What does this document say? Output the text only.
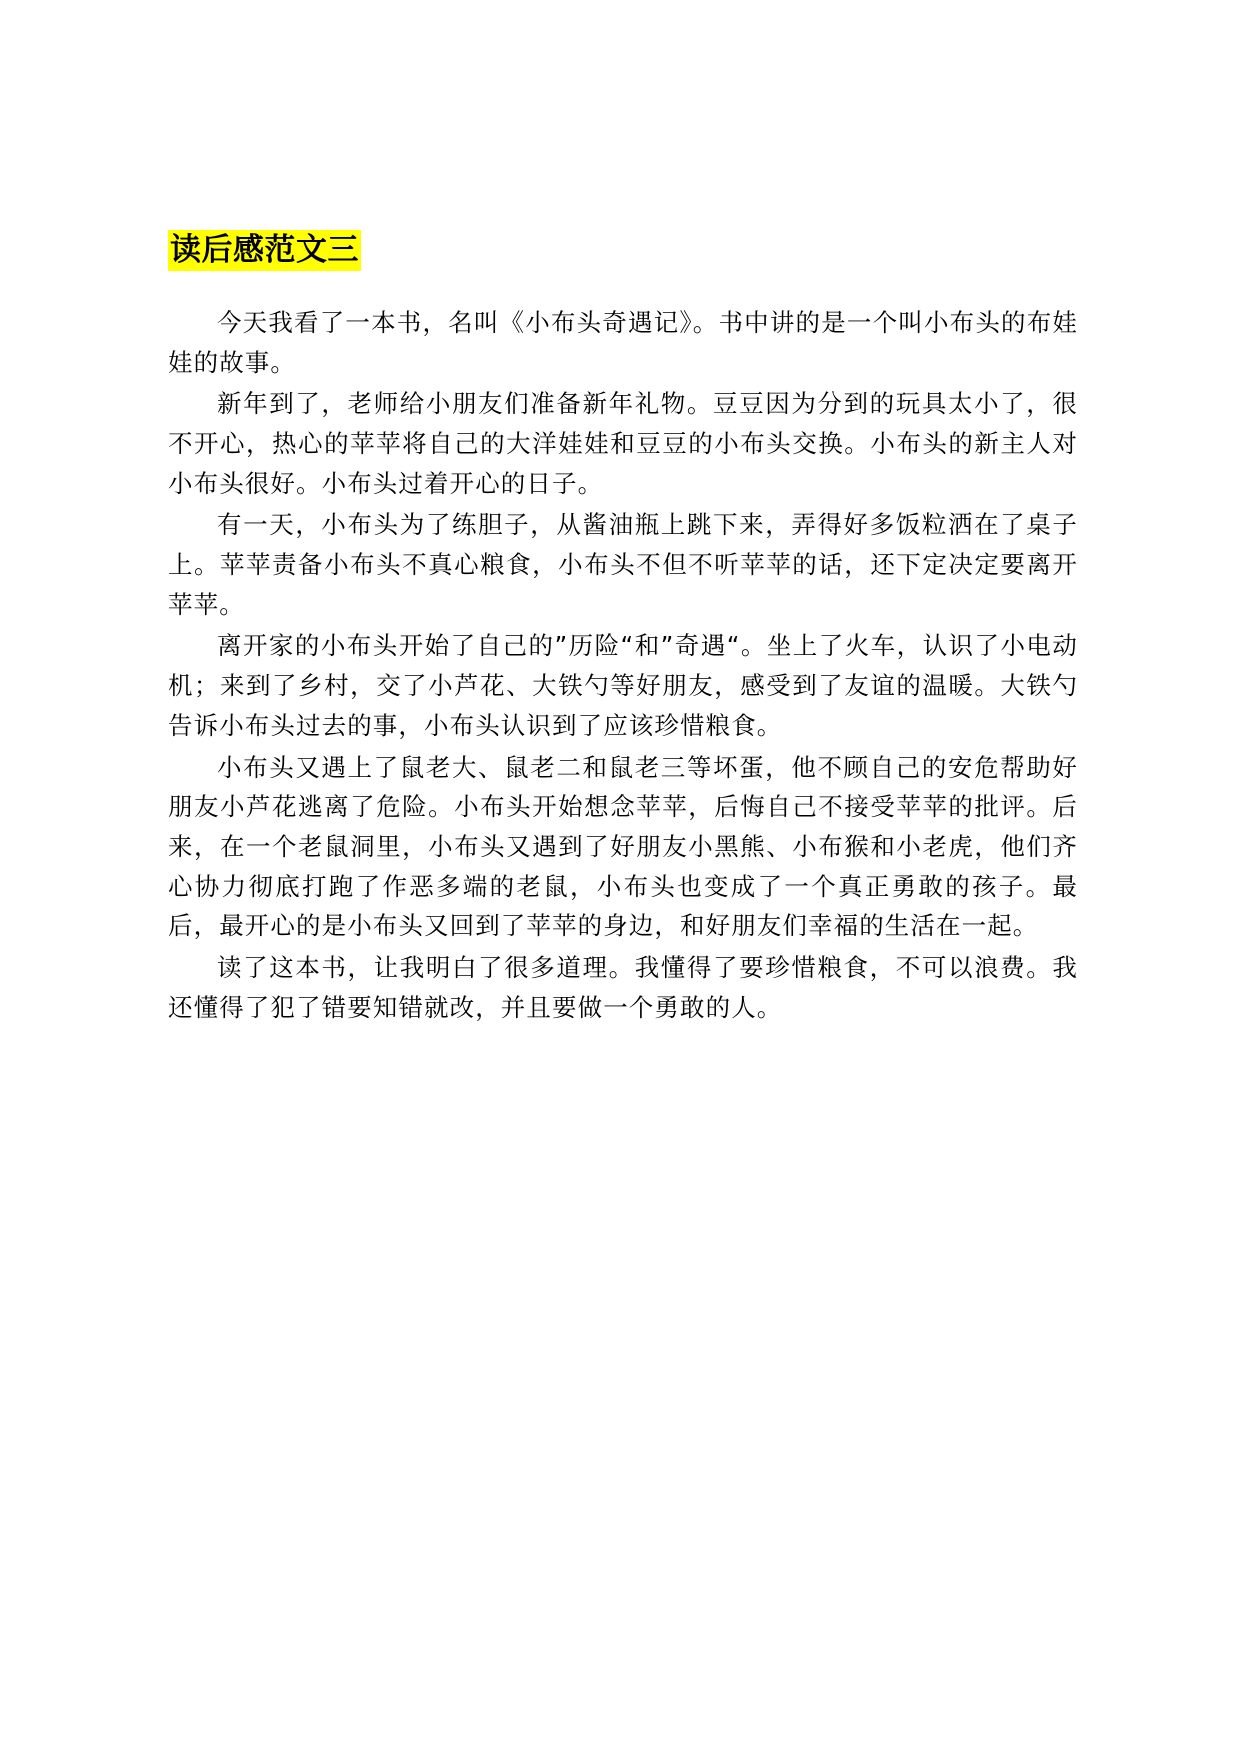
读后感范文三

今天我看了一本书，名叫《小布头奇遇记》。书中讲的是一个叫小布头的布娃娃的故事。

新年到了，老师给小朋友们准备新年礼物。豆豆因为分到的玩具太小了，很不开心，热心的苹苹将自己的大洋娃娃和豆豆的小布头交换。小布头的新主人对小布头很好。小布头过着开心的日子。

有一天，小布头为了练胆子，从酱油瓶上跳下来，弄得好多饭粒洒在了桌子上。苹苹责备小布头不真心粮食，小布头不但不听苹苹的话，还下定决定要离开苹苹。

离开家的小布头开始了自己的”历险“和”奇遇“。坐上了火车，认识了小电动机；来到了乡村，交了小芦花、大铁勺等好朋友，感受到了友谊的温暖。大铁勺告诉小布头过去的事，小布头认识到了应该珍惜粮食。

小布头又遇上了鼠老大、鼠老二和鼠老三等坏蛋，他不顾自己的安危帮助好朋友小芦花逃离了危险。小布头开始想念苹苹，后悔自己不接受苹苹的批评。后来，在一个老鼠洞里，小布头又遇到了好朋友小黑熊、小布猴和小老虎，他们齐心协力彻底打跑了作恶多端的老鼠，小布头也变成了一个真正勇敢的孩子。最后，最开心的是小布头又回到了苹苹的身边，和好朋友们幸福的生活在一起。

读了这本书，让我明白了很多道理。我懂得了要珍惜粮食，不可以浪费。我还懂得了犯了错要知错就改，并且要做一个勇敢的人。
